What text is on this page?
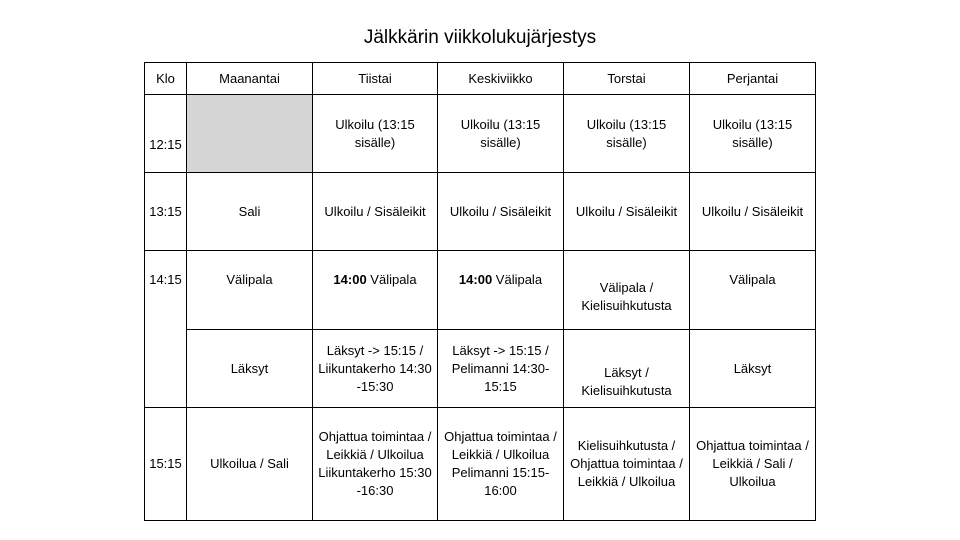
Jälkkärin viikkolukujärjestys
Klo	Maanantai	Tiistai	Keskiviikko	Torstai	Perjantai
12:15		Ulkoilu (13:15 sisälle)	Ulkoilu (13:15 sisälle)	Ulkoilu (13:15 sisälle)	Ulkoilu (13:15 sisälle)
13:15	Sali	Ulkoilu / Sisäleikit	Ulkoilu / Sisäleikit	Ulkoilu / Sisäleikit	Ulkoilu / Sisäleikit
14:15	Välipala	14:00 Välipala	14:00 Välipala	Välipala / Kielisuihkutusta	Välipala
	Läksyt	Läksyt -> 15:15 / Liikuntakerho 14:30 -15:30	Läksyt -> 15:15 / Pelimanni 14:30-15:15	Läksyt / Kielisuihkutusta	Läksyt
15:15	Ulkoilua / Sali	Ohjattua toimintaa / Leikkiä / Ulkoilua Liikuntakerho 15:30 -16:30	Ohjattua toimintaa / Leikkiä / Ulkoilua Pelimanni 15:15-16:00	Kielisuihkutusta / Ohjattua toimintaa / Leikkiä / Ulkoilua	Ohjattua toimintaa / Leikkiä / Sali / Ulkoilua
